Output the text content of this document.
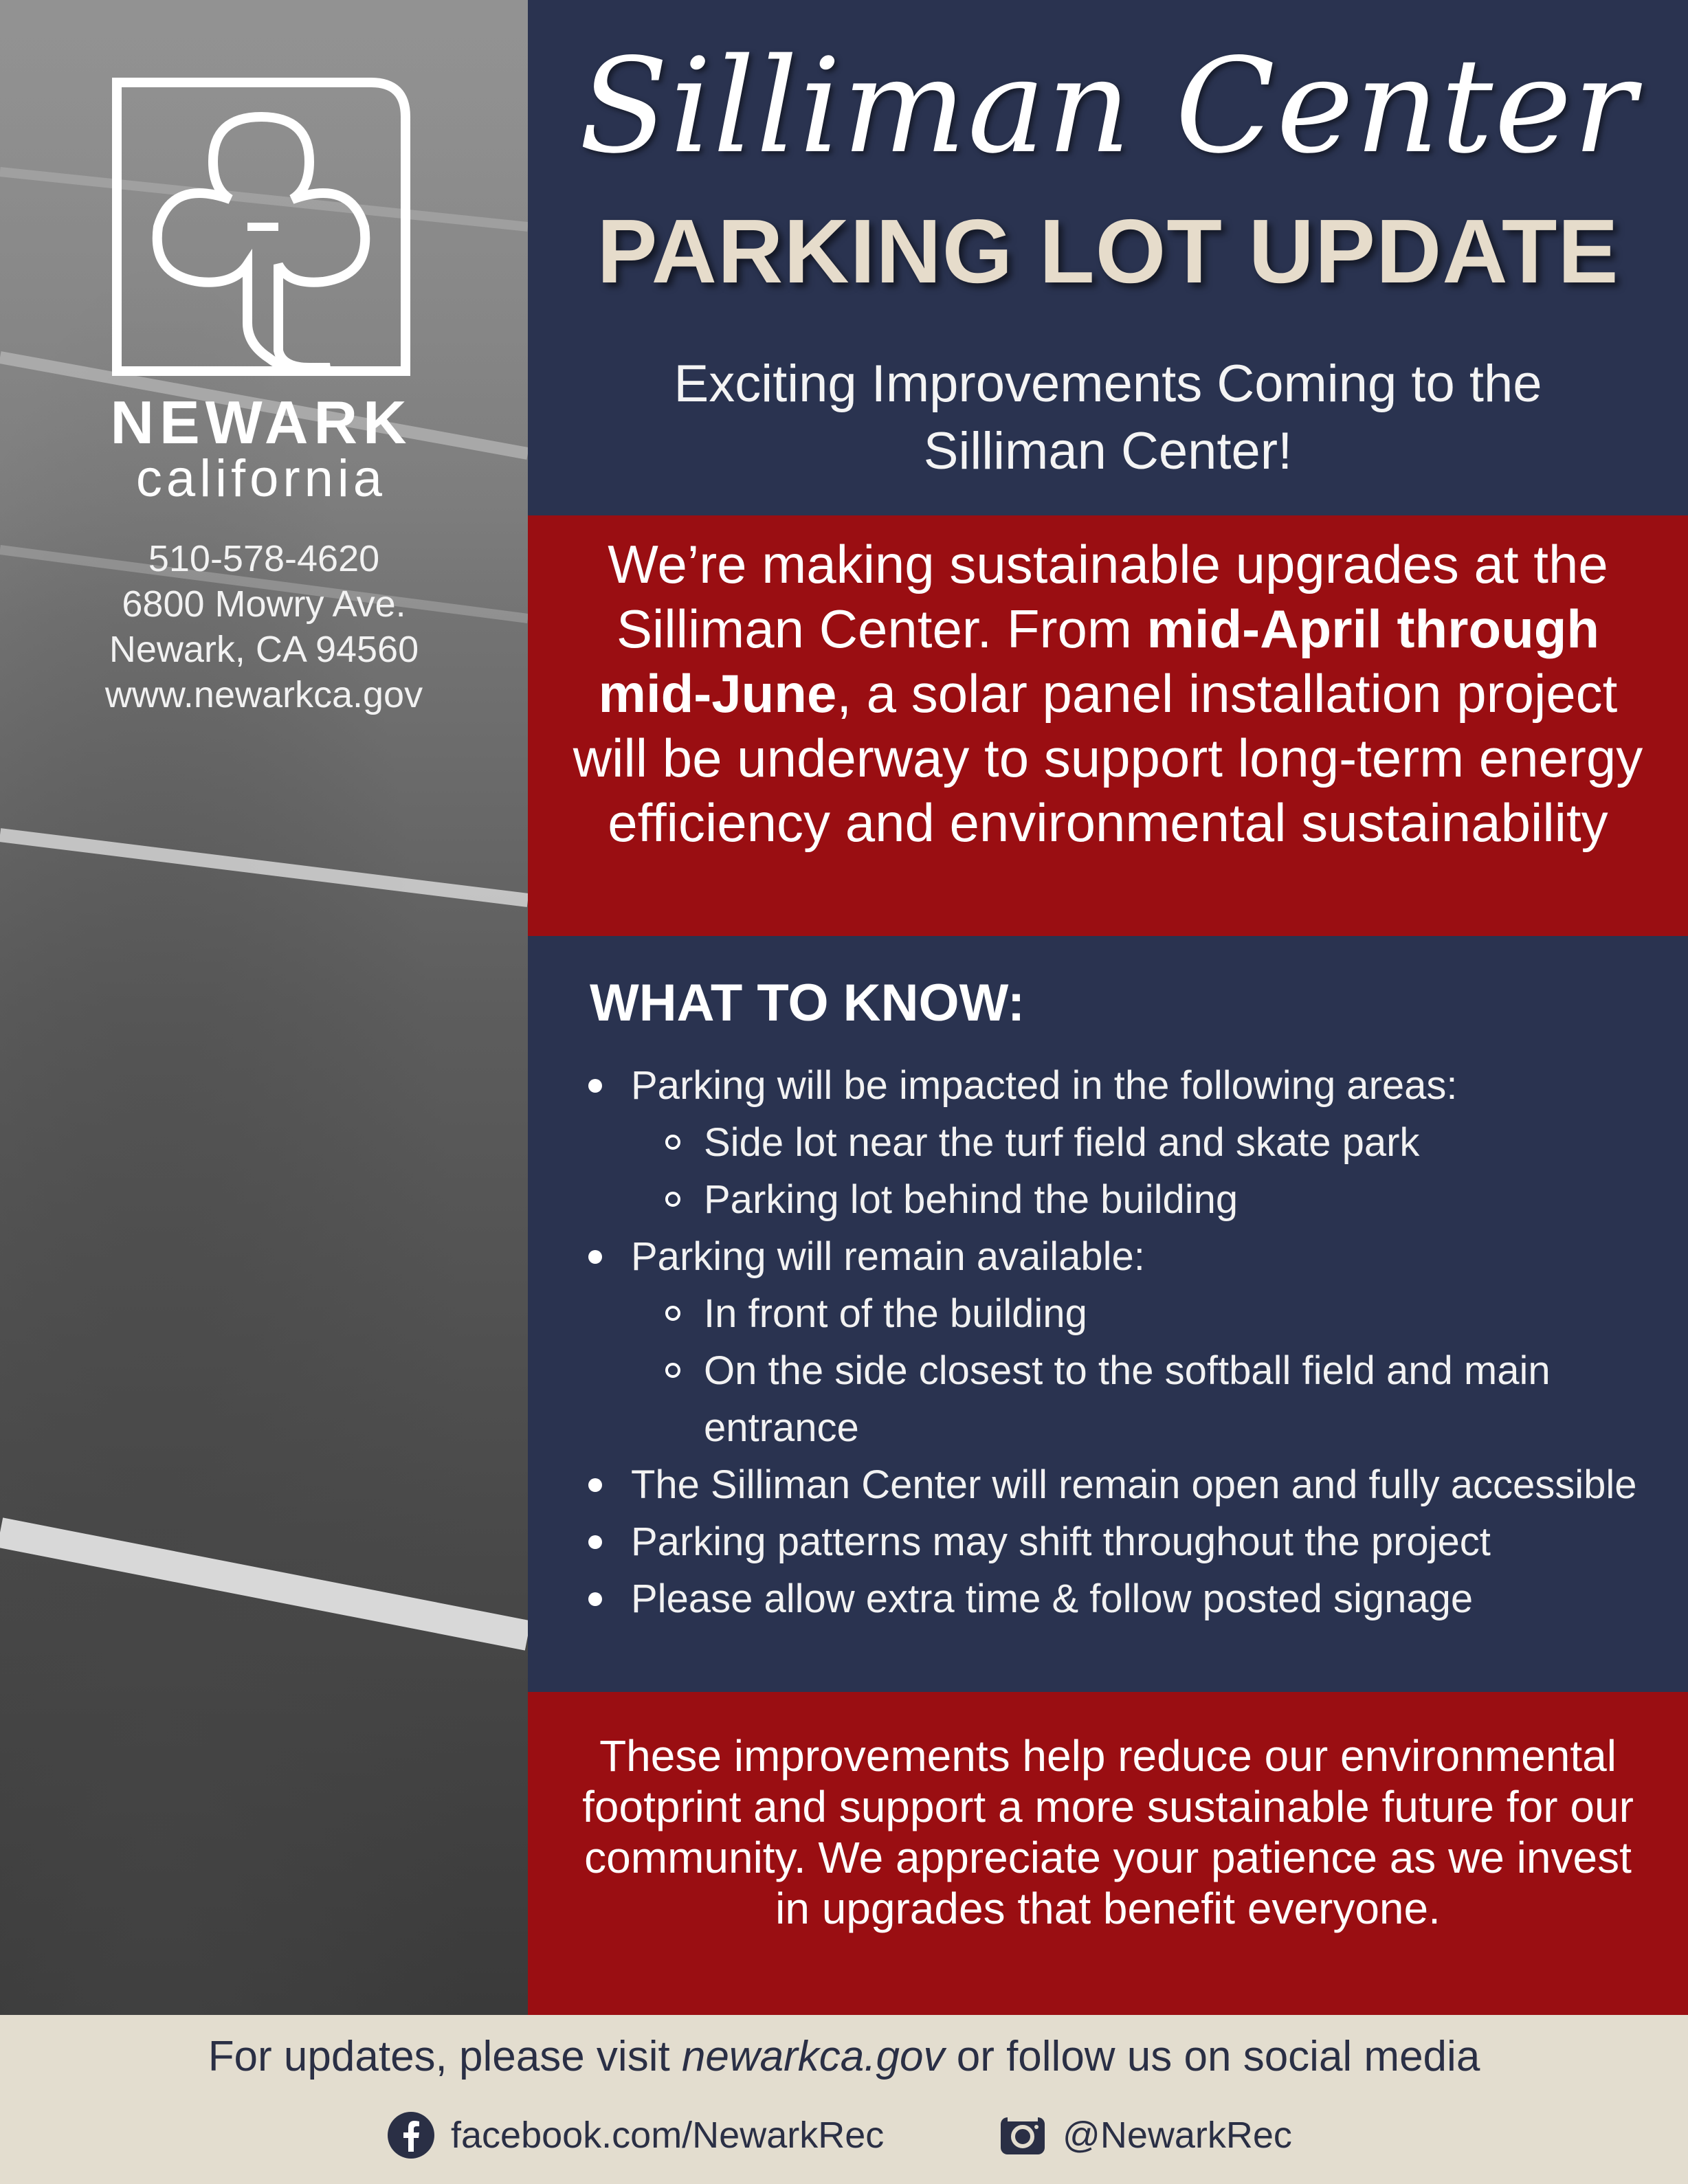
NEWARK
california
510-578-4620
6800 Mowry Ave.
Newark, CA 94560
www.newarkca.gov
Silliman Center
PARKING LOT UPDATE
Exciting Improvements Coming to the
Silliman Center!
We’re making sustainable upgrades at the Silliman Center. From mid-April through mid-June, a solar panel installation project will be underway to support long-term energy efficiency and environmental sustainability
WHAT TO KNOW:
Parking will be impacted in the following areas:
Side lot near the turf field and skate park
Parking lot behind the building
Parking will remain available:
In front of the building
On the side closest to the softball field and main entrance
The Silliman Center will remain open and fully accessible
Parking patterns may shift throughout the project
Please allow extra time & follow posted signage
These improvements help reduce our environmental footprint and support a more sustainable future for our community. We appreciate your patience as we invest in upgrades that benefit everyone.
For updates, please visit newarkca.gov or follow us on social media
facebook.com/NewarkRec	@NewarkRec
